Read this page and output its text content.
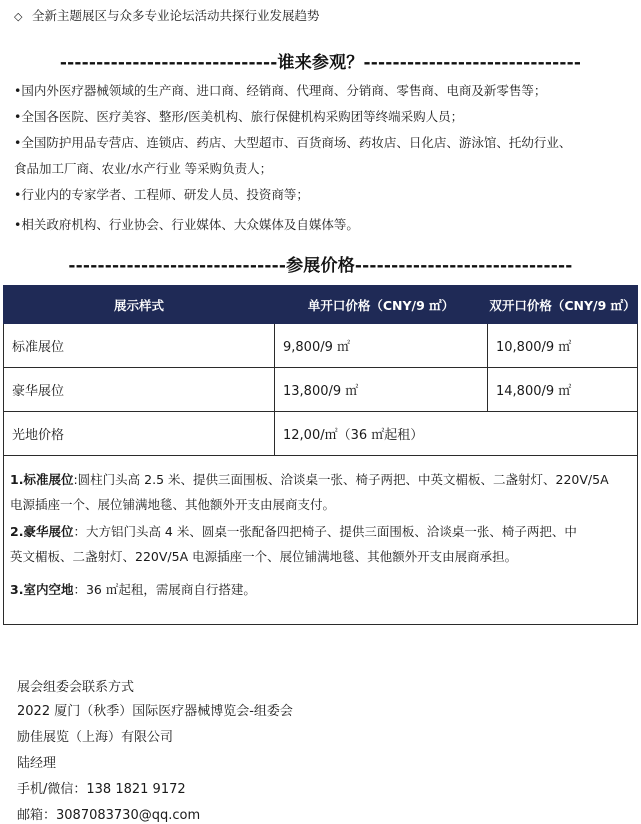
◇ 全新主题展区与众多专业论坛活动共探行业发展趋势
------------------------------谁来参观？------------------------------
•国内外医疗器械领域的生产商、进口商、经销商、代理商、分销商、零售商、电商及新零售等；
•全国各医院、医疗美容、整形/医美机构、旅行保健机构采购团等终端采购人员；
•全国防护用品专营店、连锁店、药店、大型超市、百货商场、药妆店、日化店、游泳馆、托幼行业、
食品加工厂商、农业/水产行业 等采购负责人；
•行业内的专家学者、工程师、研发人员、投资商等；
•相关政府机构、行业协会、行业媒体、大众媒体及自媒体等。
------------------------------参展价格------------------------------
展示样式	单开口价格（CNY/9 ㎡）	双开口价格（CNY/9 ㎡）
标准展位	9,800/9 ㎡	10,800/9 ㎡
豪华展位	13,800/9 ㎡	14,800/9 ㎡
光地价格	12,00/㎡（36 ㎡起租）	
1.标准展位:圆柱门头高 2.5 米、提供三面围板、洽谈桌一张、椅子两把、中英文楣板、二盏射灯、220V/5A
电源插座一个、展位铺满地毯、其他额外开支由展商支付。
2.豪华展位：大方铝门头高 4 米、圆桌一张配备四把椅子、提供三面围板、洽谈桌一张、椅子两把、中
英文楣板、二盏射灯、220V/5A 电源插座一个、展位铺满地毯、其他额外开支由展商承担。
3.室内空地：36 ㎡起租，需展商自行搭建。
展会组委会联系方式
2022 厦门（秋季）国际医疗器械博览会-组委会
励佳展览（上海）有限公司
陆经理
手机/微信：138 1821 9172
邮箱：3087083730@qq.com
